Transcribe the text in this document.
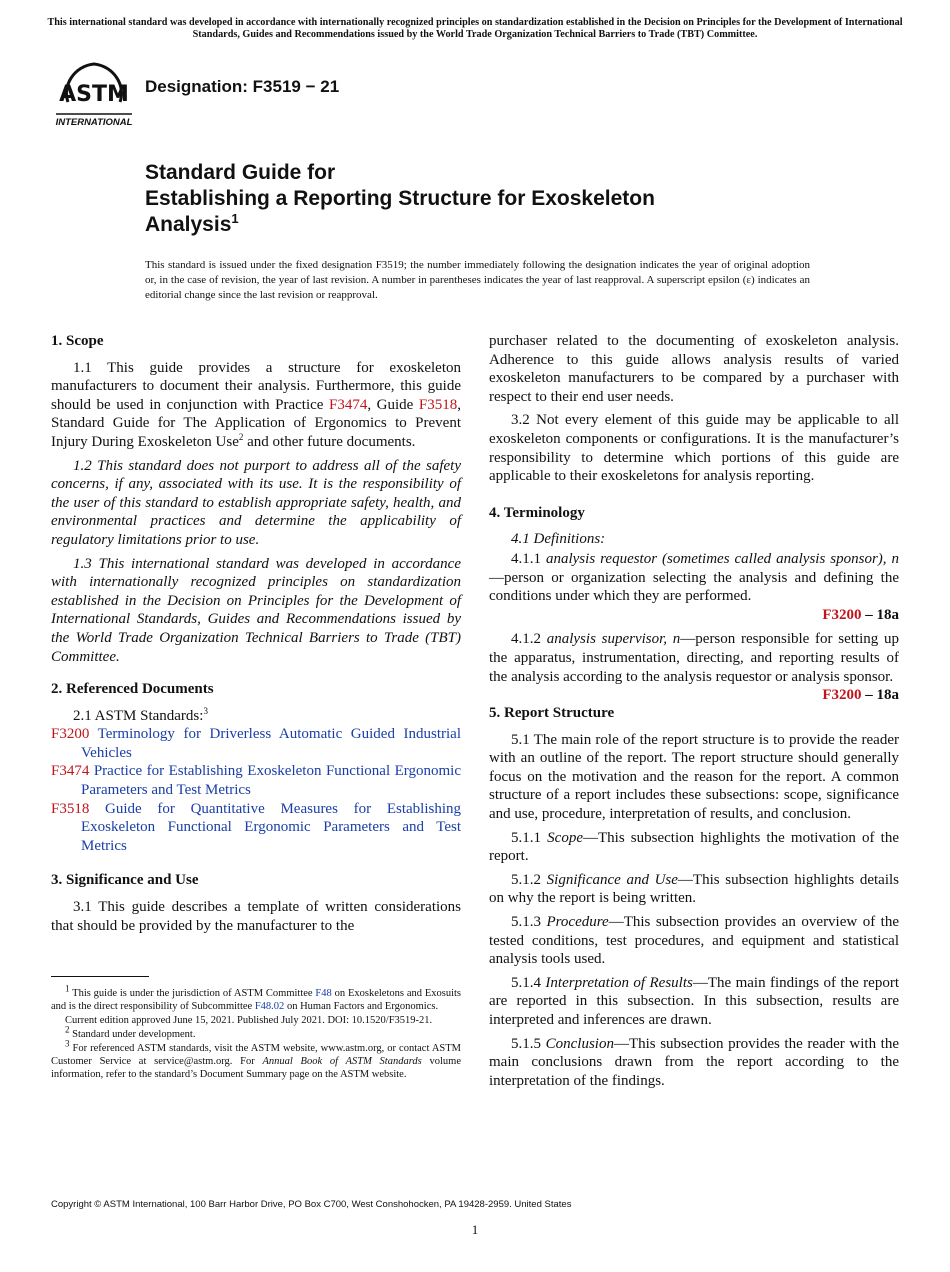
This international standard was developed in accordance with internationally recognized principles on standardization established in the Decision on Principles for the Development of International Standards, Guides and Recommendations issued by the World Trade Organization Technical Barriers to Trade (TBT) Committee.
ASTM
INTERNATIONAL
Designation: F3519 − 21
Standard Guide for
Establishing a Reporting Structure for Exoskeleton
Analysis$^1$
This standard is issued under the fixed designation F3519; the number immediately following the designation indicates the year of original adoption or, in the case of revision, the year of last revision. A number in parentheses indicates the year of last reapproval. A superscript epsilon (ε) indicates an editorial change since the last revision or reapproval.
1. Scope

1.1 This guide provides a structure for exoskeleton manufacturers to document their analysis. Furthermore, this guide should be used in conjunction with Practice F3474, Guide F3518, Standard Guide for The Application of Ergonomics to Prevent Injury During Exoskeleton Use$^2$ and other future documents.

1.2 This standard does not purport to address all of the safety concerns, if any, associated with its use. It is the responsibility of the user of this standard to establish appropriate safety, health, and environmental practices and determine the applicability of regulatory limitations prior to use.

1.3 This international standard was developed in accordance with internationally recognized principles on standardization established in the Decision on Principles for the Development of International Standards, Guides and Recommendations issued by the World Trade Organization Technical Barriers to Trade (TBT) Committee.

2. Referenced Documents

2.1 ASTM Standards:$^3$

F3200 Terminology for Driverless Automatic Guided Industrial Vehicles

F3474 Practice for Establishing Exoskeleton Functional Ergonomic Parameters and Test Metrics

F3518 Guide for Quantitative Measures for Establishing Exoskeleton Functional Ergonomic Parameters and Test Metrics

3. Significance and Use

3.1 This guide describes a template of written considerations that should be provided by the manufacturer to the

$^1$ This guide is under the jurisdiction of ASTM Committee F48 on Exoskeletons and Exosuits and is the direct responsibility of Subcommittee F48.02 on Human Factors and Ergonomics.

Current edition approved June 15, 2021. Published July 2021. DOI: 10.1520/F3519-21.

$^2$ Standard under development.

$^3$ For referenced ASTM standards, visit the ASTM website, www.astm.org, or contact ASTM Customer Service at service@astm.org. For Annual Book of ASTM Standards volume information, refer to the standard’s Document Summary page on the ASTM website.

purchaser related to the documenting of exoskeleton analysis. Adherence to this guide allows analysis results of varied exoskeleton manufacturers to be compared by a purchaser with respect to their end user needs.

3.2 Not every element of this guide may be applicable to all exoskeleton components or configurations. It is the manufacturer’s responsibility to determine which portions of this guide are applicable to their exoskeletons for analysis reporting.

4. Terminology

4.1 Definitions:

4.1.1 analysis requestor (sometimes called analysis sponsor), n—person or organization selecting the analysis and defining the conditions under which they are performed.

F3200 – 18a

4.1.2 analysis supervisor, n—person responsible for setting up the apparatus, instrumentation, directing, and reporting results of the analysis according to the analysis requestor or analysis sponsor.
F3200 – 18a

5. Report Structure

5.1 The main role of the report structure is to provide the reader with an outline of the report. The report structure should generally focus on the motivation and the reason for the report. A common structure of a report includes these subsections: scope, significance and use, procedure, interpretation of results, and conclusion.

5.1.1 Scope—This subsection highlights the motivation of the report.

5.1.2 Significance and Use—This subsection highlights details on why the report is being written.

5.1.3 Procedure—This subsection provides an overview of the tested conditions, test procedures, and equipment and statistical analysis tools used.

5.1.4 Interpretation of Results—The main findings of the report are reported in this subsection. In this subsection, results are interpreted and inferences are drawn.

5.1.5 Conclusion—This subsection provides the reader with the main conclusions drawn from the report according to the interpretation of the findings.

Copyright © ASTM International, 100 Barr Harbor Drive, PO Box C700, West Conshohocken, PA 19428-2959. United States
1
